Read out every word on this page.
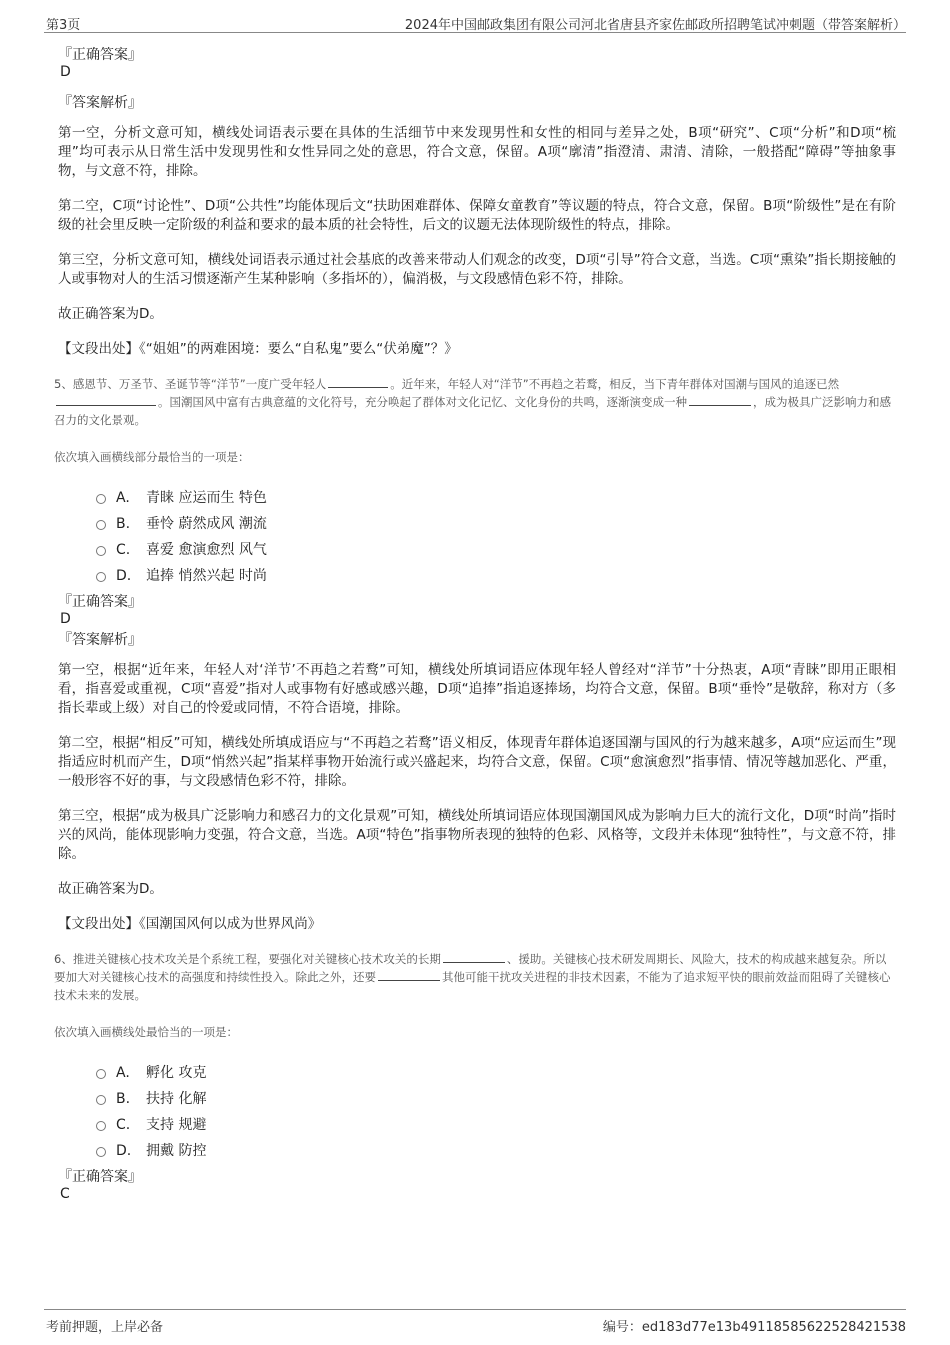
第3页	2024年中国邮政集团有限公司河北省唐县齐家佐邮政所招聘笔试冲刺题（带答案解析）
『正确答案』
D
『答案解析』

第一空，分析文意可知，横线处词语表示要在具体的生活细节中来发现男性和女性的相同与差异之处，B项“研究”、C项“分析”和D项“梳理”均可表示从日常生活中发现男性和女性异同之处的意思，符合文意，保留。A项“廓清”指澄清、肃清、清除，一般搭配“障碍”等抽象事物，与文意不符，排除。

第二空，C项“讨论性”、D项“公共性”均能体现后文“扶助困难群体、保障女童教育”等议题的特点，符合文意，保留。B项“阶级性”是在有阶级的社会里反映一定阶级的利益和要求的最本质的社会特性，后文的议题无法体现阶级性的特点，排除。

第三空，分析文意可知，横线处词语表示通过社会基底的改善来带动人们观念的改变，D项“引导”符合文意，当选。C项“熏染”指长期接触的人或事物对人的生活习惯逐渐产生某种影响（多指坏的），偏消极，与文段感情色彩不符，排除。

故正确答案为D。

【文段出处】《“姐姐”的两难困境：要么“自私鬼”要么“伏弟魔”？》

5、感恩节、万圣节、圣诞节等“洋节”一度广受年轻人	。近年来，年轻人对“洋节”不再趋之若鹜，相反，当下青年群体对国潮与国风的追逐已然。国潮国风中富有古典意蕴的文化符号，充分唤起了群体对文化记忆、文化身份的共鸣，逐渐演变成一种	，成为极具广泛影响力和感召力的文化景观。
依次填入画横线部分最恰当的一项是：
A. 青睐 应运而生 特色
B. 垂怜 蔚然成风 潮流
C. 喜爱 愈演愈烈 风气
D. 追捧 悄然兴起 时尚
『正确答案』
D
『答案解析』

第一空，根据“近年来，年轻人对‘洋节’不再趋之若鹜”可知，横线处所填词语应体现年轻人曾经对“洋节”十分热衷，A项“青睐”即用正眼相看，指喜爱或重视，C项“喜爱”指对人或事物有好感或感兴趣，D项“追捧”指追逐捧场，均符合文意，保留。B项“垂怜”是敬辞，称对方（多指长辈或上级）对自己的怜爱或同情，不符合语境，排除。

第二空，根据“相反”可知，横线处所填成语应与“不再趋之若鹜”语义相反，体现青年群体追逐国潮与国风的行为越来越多，A项“应运而生”现指适应时机而产生，D项“悄然兴起”指某样事物开始流行或兴盛起来，均符合文意，保留。C项“愈演愈烈”指事情、情况等越加恶化、严重，一般形容不好的事，与文段感情色彩不符，排除。

第三空，根据“成为极具广泛影响力和感召力的文化景观”可知，横线处所填词语应体现国潮国风成为影响力巨大的流行文化，D项“时尚”指时兴的风尚，能体现影响力变强，符合文意，当选。A项“特色”指事物所表现的独特的色彩、风格等，文段并未体现“独特性”，与文意不符，排除。

故正确答案为D。

【文段出处】《国潮国风何以成为世界风尚》

6、推进关键核心技术攻关是个系统工程，要强化对关键核心技术攻关的长期	、援助。关键核心技术研发周期长、风险大，技术的构成越来越复杂。所以要加大对关键核心技术的高强度和持续性投入。除此之外，还要	其他可能干扰攻关进程的非技术因素，不能为了追求短平快的眼前效益而阻碍了关键核心技术未来的发展。
依次填入画横线处最恰当的一项是：
A. 孵化 攻克
B. 扶持 化解
C. 支持 规避
D. 拥戴 防控
『正确答案』
C
考前押题，上岸必备	编号：ed183d77e13b49118585622528421538
